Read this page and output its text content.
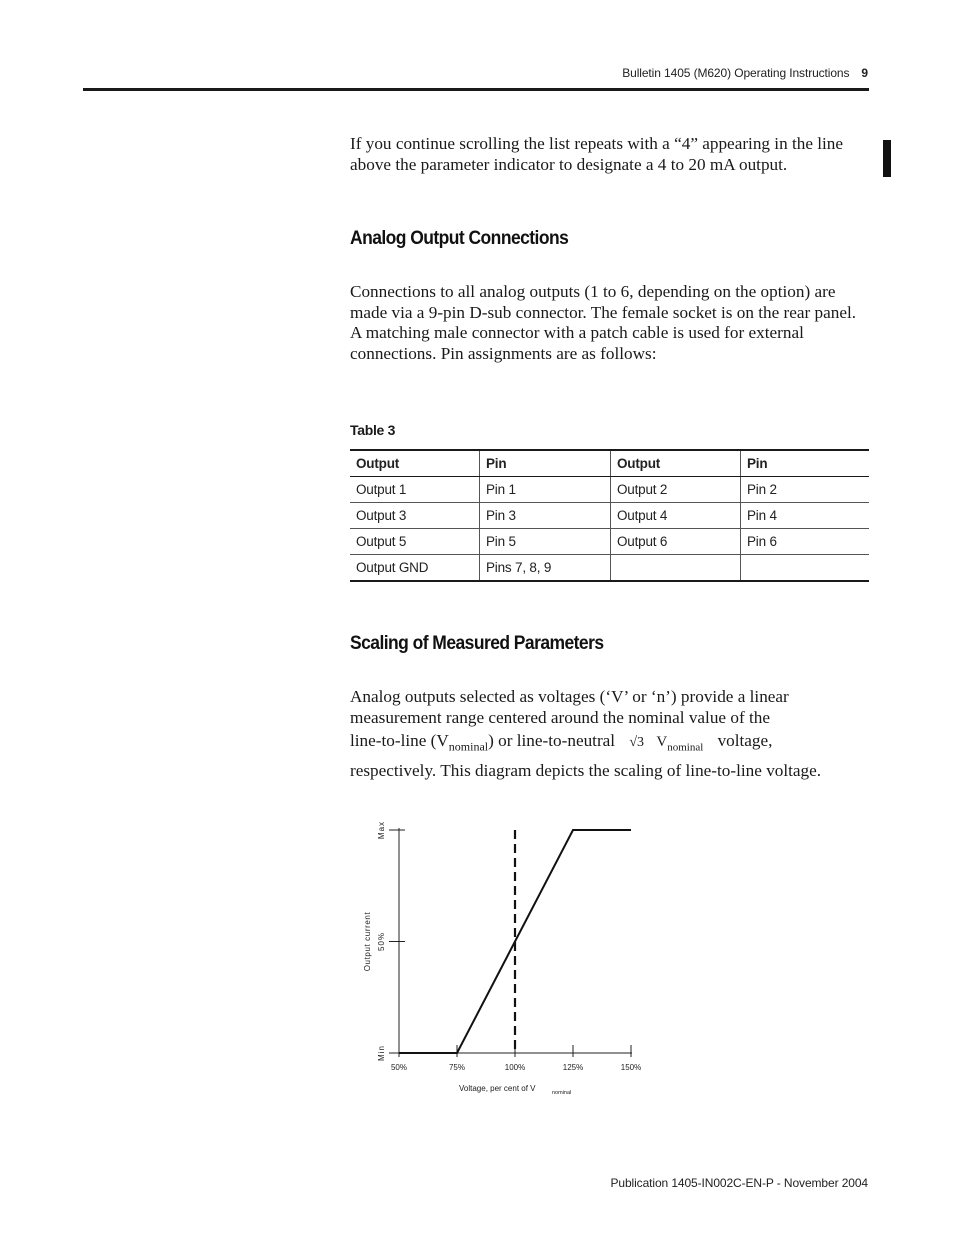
Bulletin 1405 (M620) Operating Instructions 9

If you continue scrolling the list repeats with a “4” appearing in the line above the parameter indicator to designate a 4 to 20 mA output.

Analog Output Connections

Connections to all analog outputs (1 to 6, depending on the option) are made via a 9-pin D-sub connector. The female socket is on the rear panel. A matching male connector with a patch cable is used for external connections. Pin assignments are as follows:

Table 3
Output	Pin	Output	Pin
Output 1	Pin 1	Output 2	Pin 2
Output 3	Pin 3	Output 4	Pin 4
Output 5	Pin 5	Output 6	Pin 6
Output GND	Pins 7, 8, 9		
Scaling of Measured Parameters
Analog outputs selected as voltages (‘V’ or ‘n’) provide a linear
measurement range centered around the nominal value of the
line-to-line $(V_{nominal})$ or line-to-neutral √3 $V_{nominal}$ voltage,
respectively. This diagram depicts the scaling of line-to-line voltage.
50%	75%	100%	125%	150%
Min
50%
Max
Output current
Voltage, per cent of V	nominal
Publication 1405-IN002C-EN-P - November 2004
